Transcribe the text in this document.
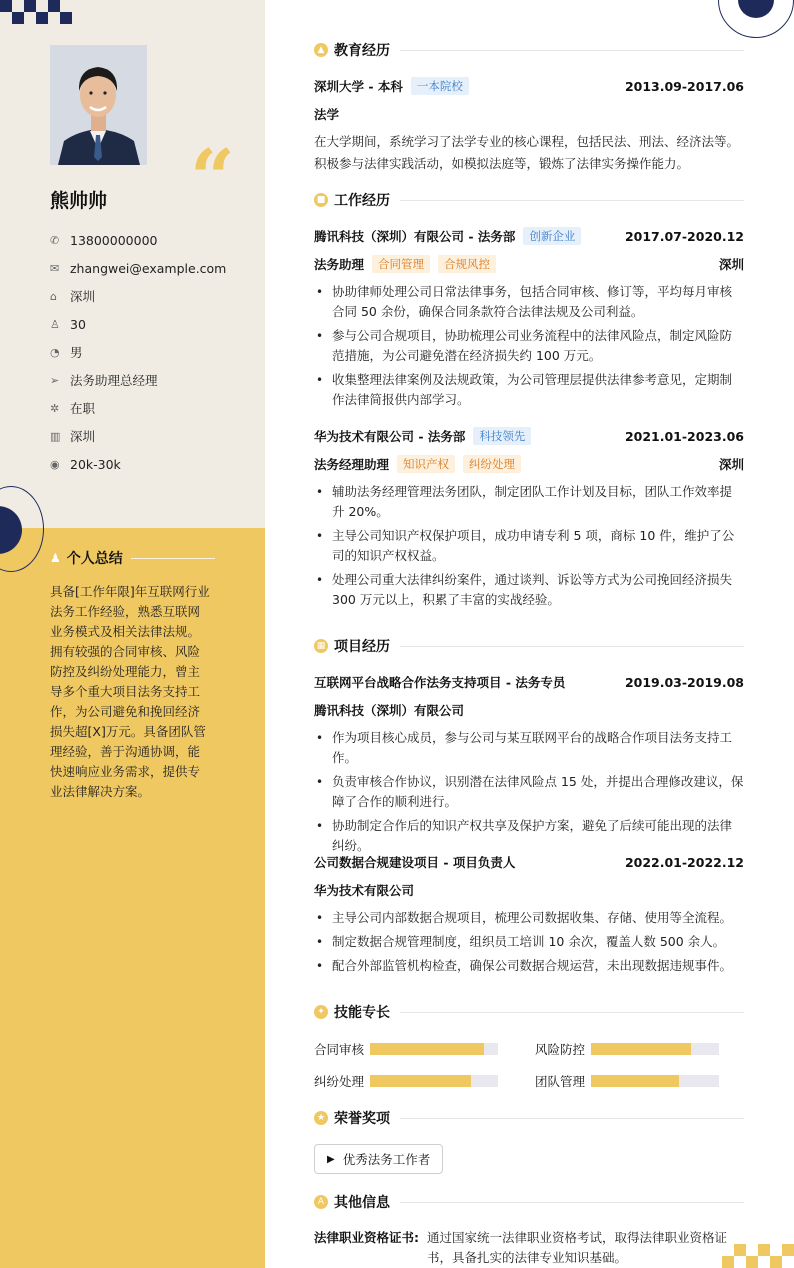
“
熊帅帅
✆ 13800000000
✉ zhangwei@example.com
⌂	深圳
♙ 30
◔ 男
➢ 法务助理总经理
✲ 在职
▥ 深圳
◉ 20k-30k
♟ 个人总结
具备[工作年限]年互联网行业法务工作经验，熟悉互联网业务模式及相关法律法规。拥有较强的合同审核、风险防控及纠纷处理能力，曾主导多个重大项目法务支持工作，为公司避免和挽回经济损失超[X]万元。具备团队管理经验，善于沟通协调，能快速响应业务需求，提供专业法律解决方案。
▲ 教育经历
深圳大学 - 本科	一本院校	2013.09-2017.06
法学
在大学期间，系统学习了法学专业的核心课程，包括民法、刑法、经济法等。积极参与法律实践活动，如模拟法庭等，锻炼了法律实务操作能力。
■ 工作经历
腾讯科技（深圳）有限公司 - 法务部	创新企业	2017.07-2020.12
法务助理	合同管理	合规风控	深圳
• 协助律师处理公司日常法律事务，包括合同审核、修订等，平均每月审核合同 50 余份，确保合同条款符合法律法规及公司利益。
• 参与公司合规项目，协助梳理公司业务流程中的法律风险点，制定风险防范措施，为公司避免潜在经济损失约 100 万元。
• 收集整理法律案例及法规政策，为公司管理层提供法律参考意见，定期制作法律简报供内部学习。
华为技术有限公司 - 法务部	科技领先	2021.01-2023.06
法务经理助理	知识产权	纠纷处理	深圳
• 辅助法务经理管理法务团队，制定团队工作计划及目标，团队工作效率提升 20%。
• 主导公司知识产权保护项目，成功申请专利 5 项，商标 10 件，维护了公司的知识产权权益。
• 处理公司重大法律纠纷案件，通过谈判、诉讼等方式为公司挽回经济损失 300 万元以上，积累了丰富的实战经验。
▦ 项目经历
互联网平台战略合作法务支持项目 - 法务专员	2019.03-2019.08
腾讯科技（深圳）有限公司
• 作为项目核心成员，参与公司与某互联网平台的战略合作项目法务支持工作。
• 负责审核合作协议，识别潜在法律风险点 15 处，并提出合理修改建议，保障了合作的顺利进行。
• 协助制定合作后的知识产权共享及保护方案，避免了后续可能出现的法律纠纷。
公司数据合规建设项目 - 项目负责人	2022.01-2022.12
华为技术有限公司
• 主导公司内部数据合规项目，梳理公司数据收集、存储、使用等全流程。
• 制定数据合规管理制度，组织员工培训 10 余次，覆盖人数 500 余人。
• 配合外部监管机构检查，确保公司数据合规运营，未出现数据违规事件。
✦ 技能专长
合同审核	风险防控
纠纷处理	团队管理
★ 荣誉奖项
▶ 优秀法务工作者
A 其他信息
法律职业资格证书: 通过国家统一法律职业资格考试，取得法律职业资格证书，具备扎实的法律专业知识基础。
